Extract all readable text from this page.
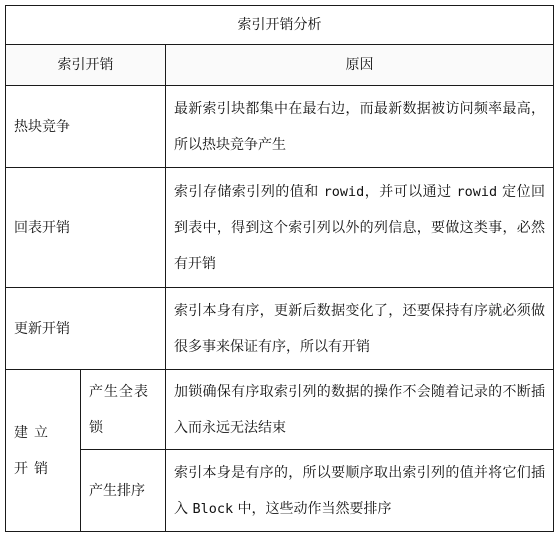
索引开销分析		
索引开销		原因
热块竞争		最新索引块都集中在最右边，而最新数据被访问频率最高，所以热块竞争产生
回表开销		索引存储索引列的值和 rowid，并可以通过 rowid 定位回到表中，得到这个索引列以外的列信息，要做这类事，必然有开销
更新开销		索引本身有序，更新后数据变化了，还要保持有序就必须做很多事来保证有序，所以有开销
建立开销	产生全表锁	加锁确保有序取索引列的数据的操作不会随着记录的不断插入而永远无法结束
	产生排序	索引本身是有序的，所以要顺序取出索引列的值并将它们插入 Block 中，这些动作当然要排序
